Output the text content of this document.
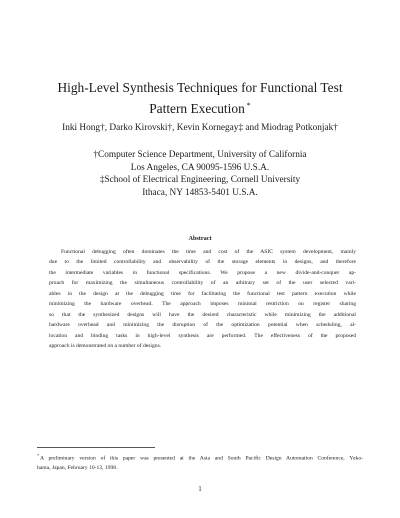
High-Level Synthesis Techniques for Functional Test
Pattern Execution *
Inki Hong†, Darko Kirovski†, Kevin Kornegay‡ and Miodrag Potkonjak†
†Computer Science Department, University of California
Los Angeles, CA 90095-1596 U.S.A.
‡School of Electrical Engineering, Cornell University
Ithaca, NY 14853-5401 U.S.A.
Abstract
Functional debugging often dominates the time and cost of the ASIC system development, mainly
due to the limited controllability and observability of the storage elements in designs, and therefore
the intermediate variables in functional specifications. We propose a new divide-and-conquer ap-
proach for maximizing the simultaneous controllability of an arbitrary set of the user selected vari-
ables in the design at the debugging time for facilitating the functional test pattern execution while
minimizing the hardware overhead. The approach imposes minimal restriction on register sharing
so that the synthesized designs will have the desired characteristic while minimizing the additional
hardware overhead and minimizing the disruption of the optimization potential when scheduling, al-
location and binding tasks in high-level synthesis are performed. The effectiveness of the proposed
approach is demonstrated on a number of designs.
*A preliminary version of this paper was presented at the Asia and South Pacific Design Automation Conference, Yoko-
hama, Japan, February 10-13, 1998.
1
